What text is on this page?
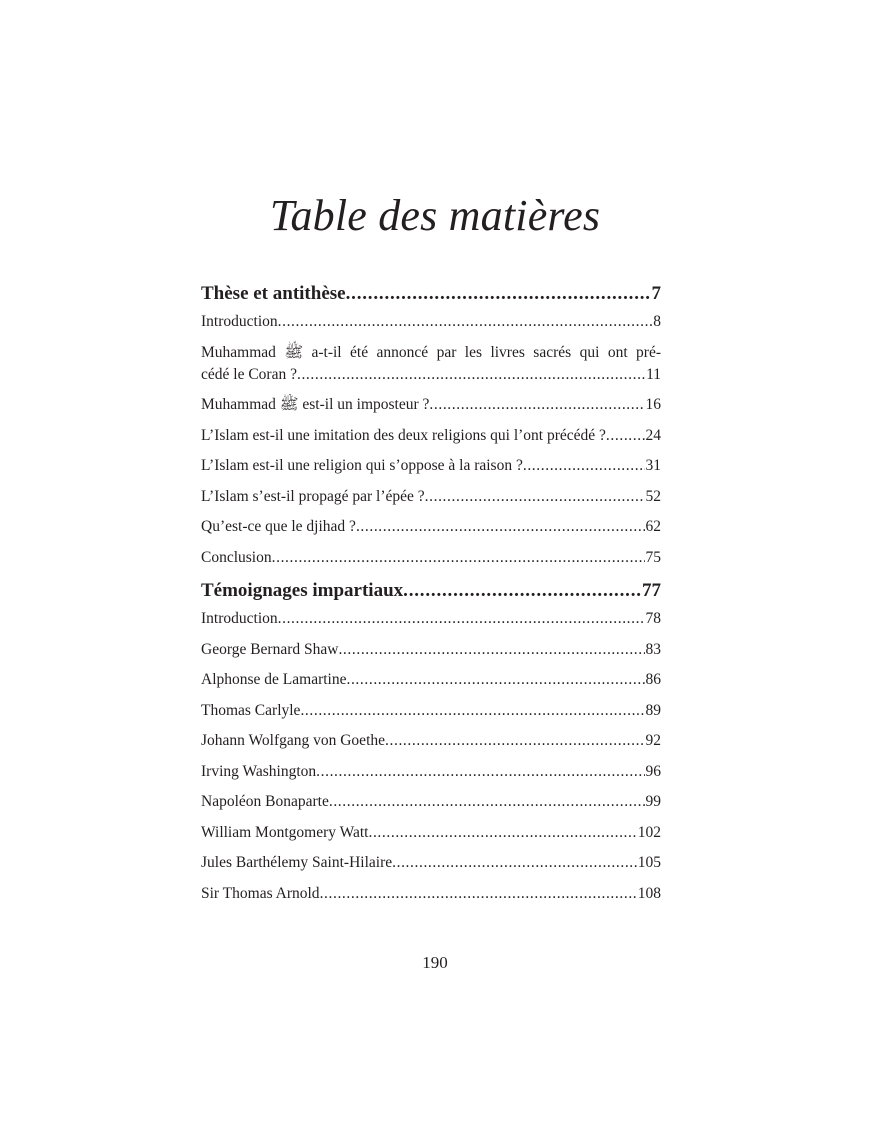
Table des matières
Thèse et antithèse .....	7
Introduction .....	8
Muhammad ﷺ a-t-il été annoncé par les livres sacrés qui ont pré-
cédé le Coran ? .....	11
Muhammad ﷺ est-il un imposteur ? .....	16
L’Islam est-il une imitation des deux religions qui l’ont précédé ? .....	24
L’Islam est-il une religion qui s’oppose à la raison ? .....	31
L’Islam s’est-il propagé par l’épée ? .....	52
Qu’est-ce que le djihad ? .....	62
Conclusion .....	75
Témoignages impartiaux .....	77
Introduction .....	78
George Bernard Shaw .....	83
Alphonse de Lamartine .....	86
Thomas Carlyle .....	89
Johann Wolfgang von Goethe .....	92
Irving Washington .....	96
Napoléon Bonaparte .....	99
William Montgomery Watt .....	102
Jules Barthélemy Saint-Hilaire .....	105
Sir Thomas Arnold .....	108
190
